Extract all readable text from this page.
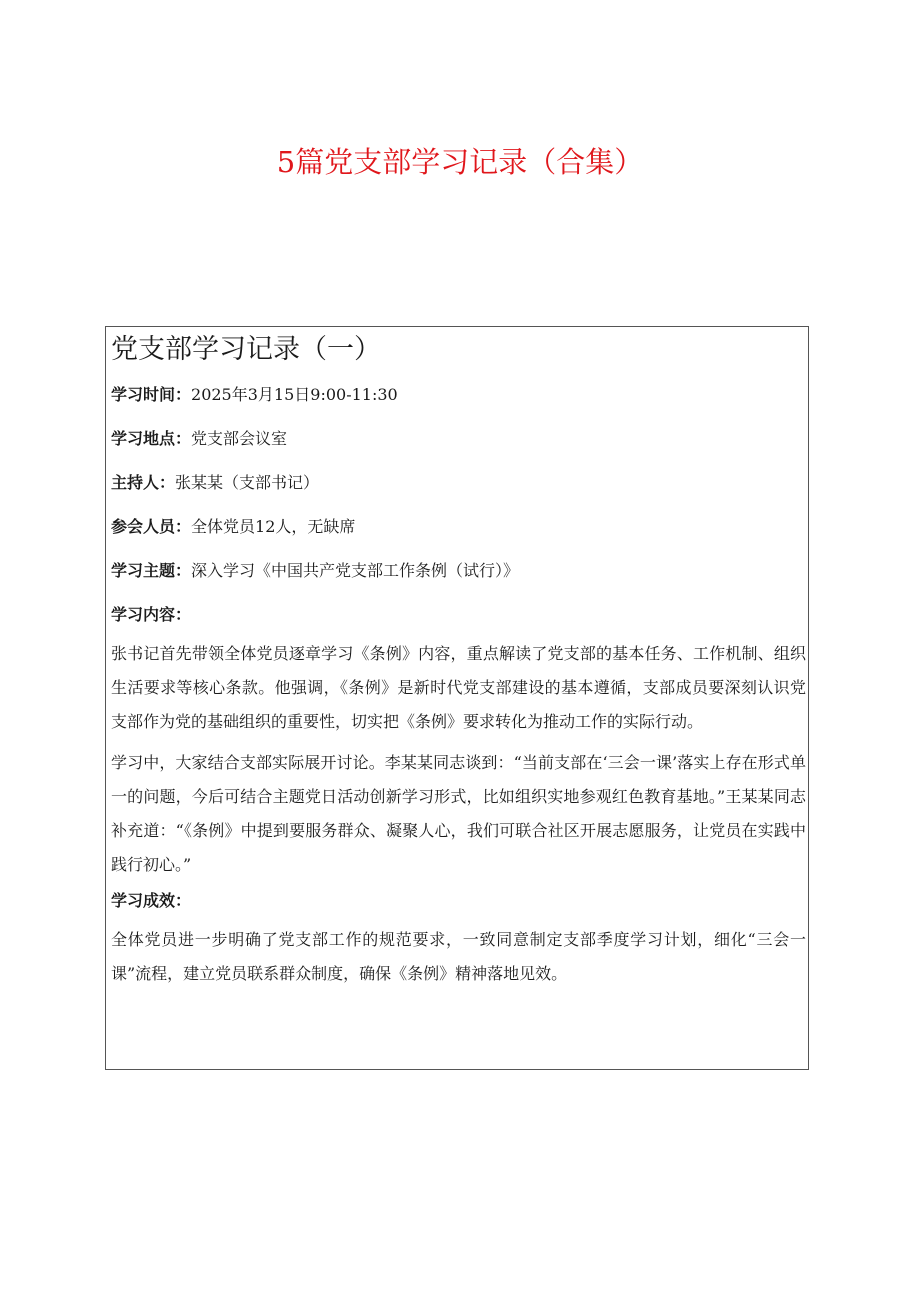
5篇党支部学习记录（合集）
党支部学习记录（一）
学习时间：2025年3月15日9:00-11:30
学习地点：党支部会议室
主持人：张某某（支部书记）
参会人员：全体党员12人，无缺席
学习主题：深入学习《中国共产党支部工作条例（试行）》
学习内容：
张书记首先带领全体党员逐章学习《条例》内容，重点解读了党支部的基本任务、工作机制、组织生活要求等核心条款。他强调，《条例》是新时代党支部建设的基本遵循，支部成员要深刻认识党支部作为党的基础组织的重要性，切实把《条例》要求转化为推动工作的实际行动。
学习中，大家结合支部实际展开讨论。李某某同志谈到：“当前支部在‘三会一课’落实上存在形式单一的问题，今后可结合主题党日活动创新学习形式，比如组织实地参观红色教育基地。”王某某同志补充道：“《条例》中提到要服务群众、凝聚人心，我们可联合社区开展志愿服务，让党员在实践中践行初心。”
学习成效：
全体党员进一步明确了党支部工作的规范要求，一致同意制定支部季度学习计划，细化“三会一课”流程，建立党员联系群众制度，确保《条例》精神落地见效。
